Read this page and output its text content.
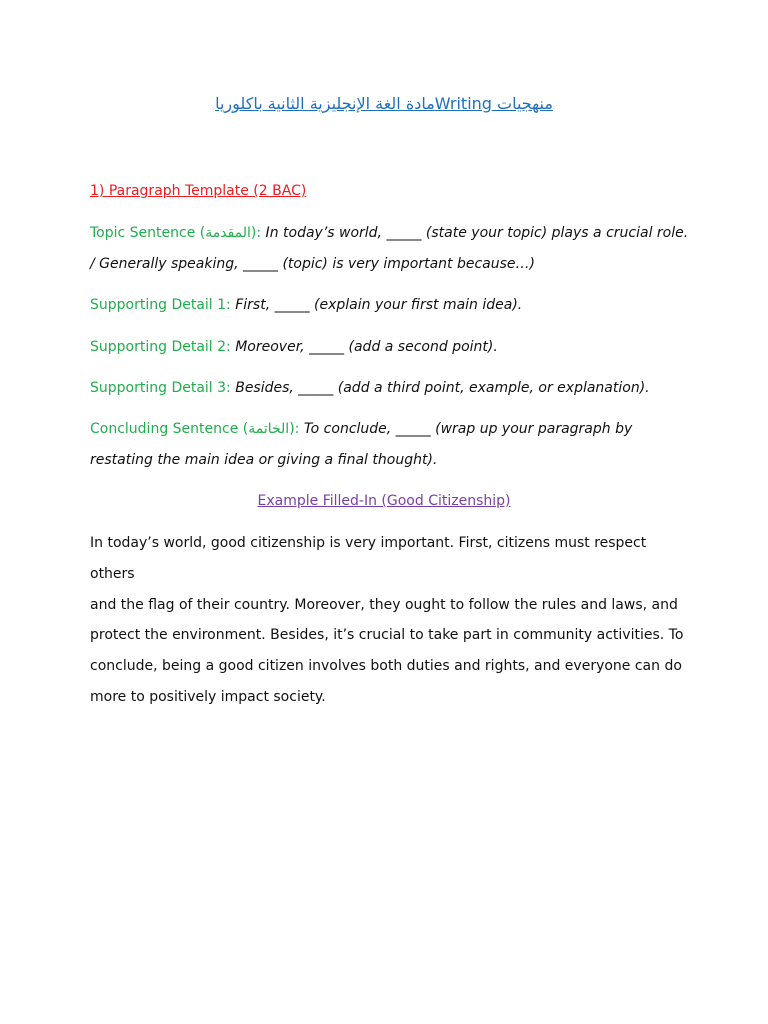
منهجيات Writingمادة الغة الإنجليزية الثانية باكلوريا
1) Paragraph Template (2 BAC)
Topic Sentence (المقدمة): In today’s world, _____ (state your topic) plays a crucial role.
/ Generally speaking, _____ (topic) is very important because…)
Supporting Detail 1: First, _____ (explain your first main idea).
Supporting Detail 2: Moreover, _____ (add a second point).
Supporting Detail 3: Besides, _____ (add a third point, example, or explanation).
Concluding Sentence (الخاتمة): To conclude, _____ (wrap up your paragraph by
restating the main idea or giving a final thought).
Example Filled-In (Good Citizenship)
In today’s world, good citizenship is very important. First, citizens must respect others
and the flag of their country. Moreover, they ought to follow the rules and laws, and
protect the environment. Besides, it’s crucial to take part in community activities. To
conclude, being a good citizen involves both duties and rights, and everyone can do
more to positively impact society.
